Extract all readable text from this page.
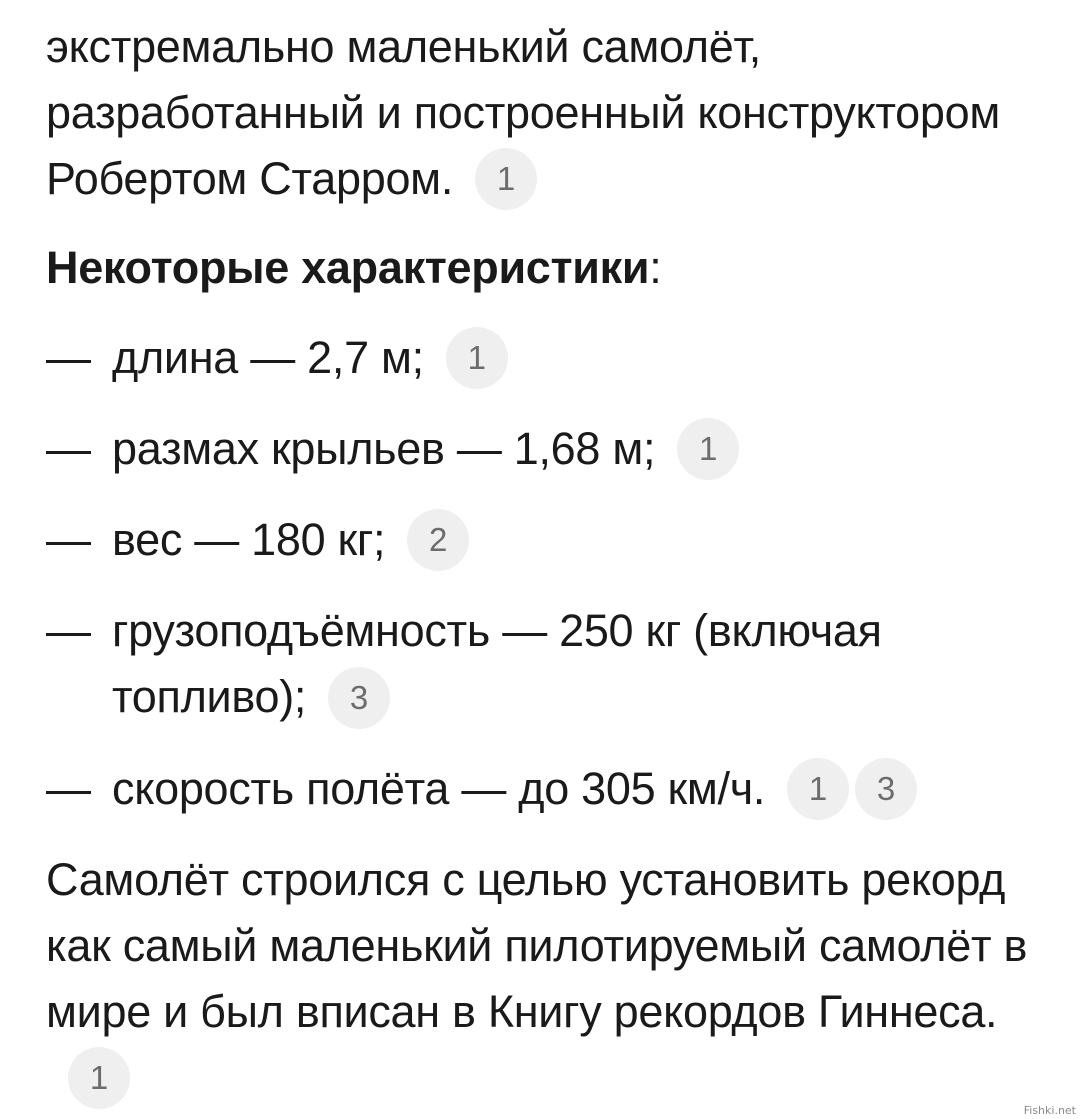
экстремально маленький самолёт, разработанный и построенный конструктором Робертом Старром. 1

Некоторые характеристики:

— длина — 2,7 м; 1
— размах крыльев — 1,68 м; 1
— вес — 180 кг; 2
— грузоподъёмность — 250 кг (включая топливо); 3
— скорость полёта — до 305 км/ч. 1 3

Самолёт строился с целью установить рекорд как самый маленький пилотируемый самолёт в мире и был вписан в Книгу рекордов Гиннеса.1

Fishki.net
